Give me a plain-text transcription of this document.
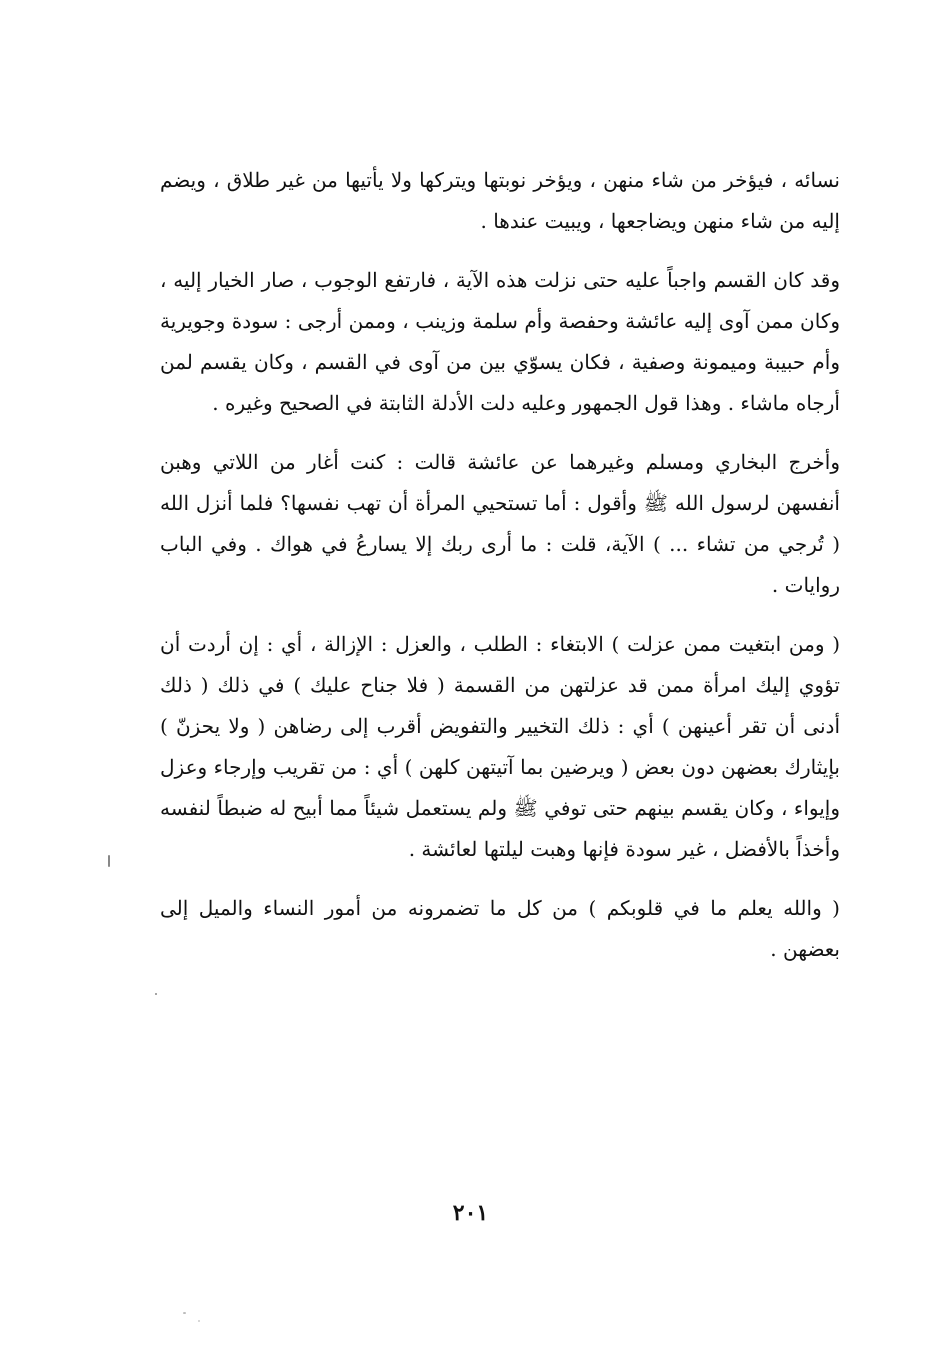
نسائه ، فيؤخر من شاء منهن ، ويؤخر نوبتها ويتركها ولا يأتيها من غير طلاق ، ويضم إليه من شاء منهن ويضاجعها ، ويبيت عندها .

وقد كان القسم واجباً عليه حتى نزلت هذه الآية ، فارتفع الوجوب ، صار الخيار إليه ، وكان ممن آوى إليه عائشة وحفصة وأم سلمة وزينب ، وممن أرجى : سودة وجويرية وأم حبيبة وميمونة وصفية ، فكان يسوّي بين من آوى في القسم ، وكان يقسم لمن أرجاه ماشاء . وهذا قول الجمهور وعليه دلت الأدلة الثابتة في الصحيح وغيره .

وأخرج البخاري ومسلم وغيرهما عن عائشة قالت : كنت أغار من اللاتي وهبن أنفسهن لرسول الله ﷺ وأقول : أما تستحيي المرأة أن تهب نفسها؟ فلما أنزل الله ( تُرجي من تشاء ... ) الآية، قلت : ما أرى ربك إلا يسارعُ في هواك . وفي الباب روايات .

( ومن ابتغيت ممن عزلت ) الابتغاء : الطلب ، والعزل : الإزالة ، أي : إن أردت أن تؤوي إليك امرأة ممن قد عزلتهن من القسمة ( فلا جناح عليك ) في ذلك ( ذلك أدنى أن تقر أعينهن ) أي : ذلك التخيير والتفويض أقرب إلى رضاهن ( ولا يحزنّ ) بإيثارك بعضهن دون بعض ( ويرضين بما آتيتهن كلهن ) أي : من تقريب وإرجاء وعزل وإيواء ، وكان يقسم بينهم حتى توفي ﷺ ولم يستعمل شيئاً مما أبيح له ضبطاً لنفسه وأخذاً بالأفضل ، غير سودة فإنها وهبت ليلتها لعائشة .

( والله يعلم ما في قلوبكم ) من كل ما تضمرونه من أمور النساء والميل إلى بعضهن .

٢٠١
